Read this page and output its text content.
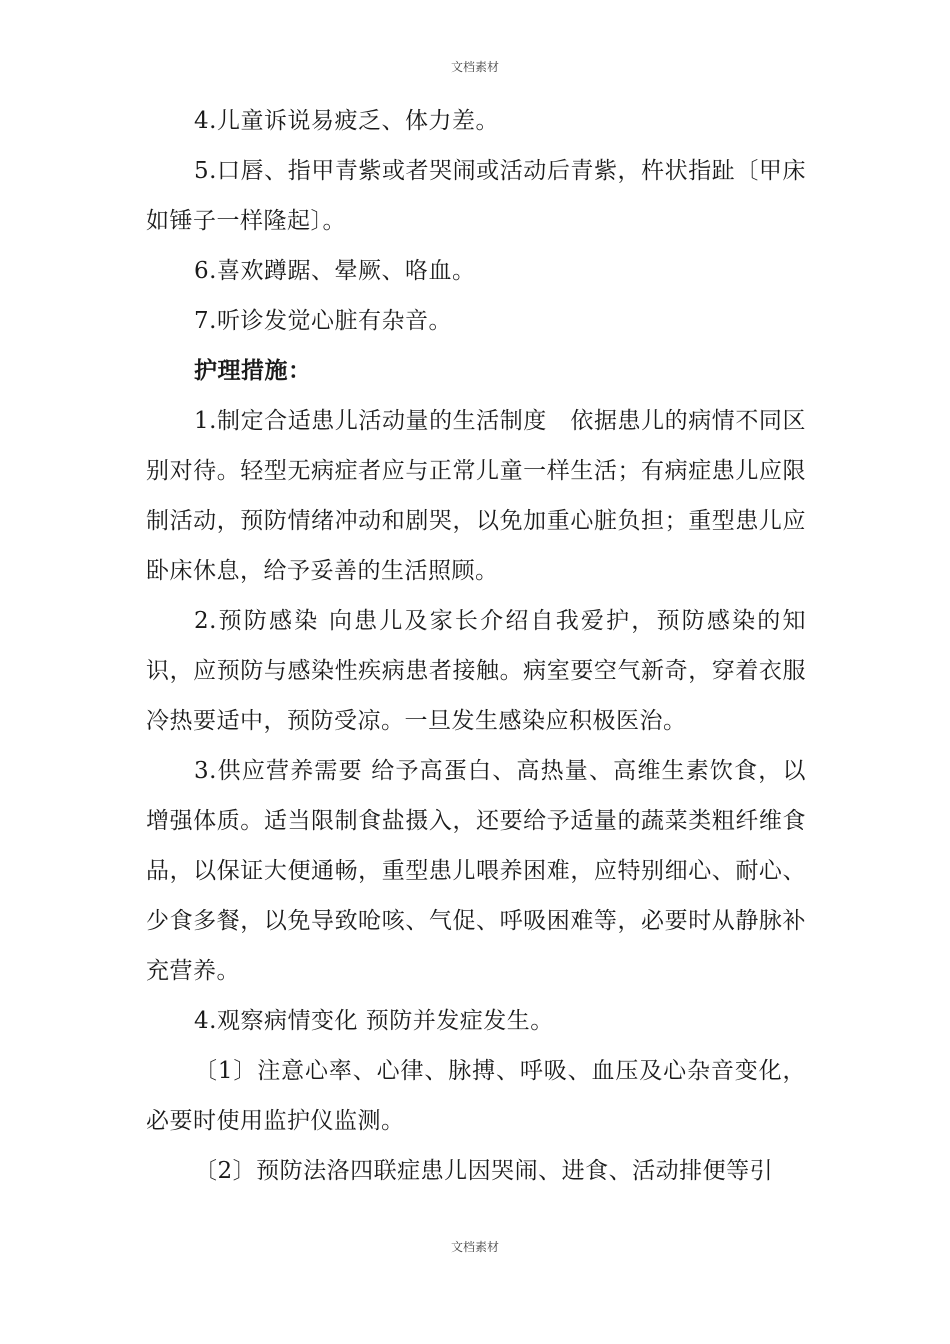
文档素材

4.儿童诉说易疲乏、体力差。

5.口唇、指甲青紫或者哭闹或活动后青紫，杵状指趾〔甲床如锤子一样隆起〕。

6.喜欢蹲踞、晕厥、咯血。

7.听诊发觉心脏有杂音。

护理措施：

1.制定合适患儿活动量的生活制度　依据患儿的病情不同区别对待。轻型无病症者应与正常儿童一样生活；有病症患儿应限制活动，预防情绪冲动和剧哭，以免加重心脏负担；重型患儿应卧床休息，给予妥善的生活照顾。

2.预防感染 向患儿及家长介绍自我爱护，预防感染的知识，应预防与感染性疾病患者接触。病室要空气新奇，穿着衣服冷热要适中，预防受凉。一旦发生感染应积极医治。

3.供应营养需要 给予高蛋白、高热量、高维生素饮食，以增强体质。适当限制食盐摄入，还要给予适量的蔬菜类粗纤维食品，以保证大便通畅，重型患儿喂养困难，应特别细心、耐心、少食多餐，以免导致呛咳、气促、呼吸困难等，必要时从静脉补充营养。

4.观察病情变化 预防并发症发生。

〔1〕注意心率、心律、脉搏、呼吸、血压及心杂音变化，必要时使用监护仪监测。

〔2〕预防法洛四联症患儿因哭闹、进食、活动排便等引

文档素材
